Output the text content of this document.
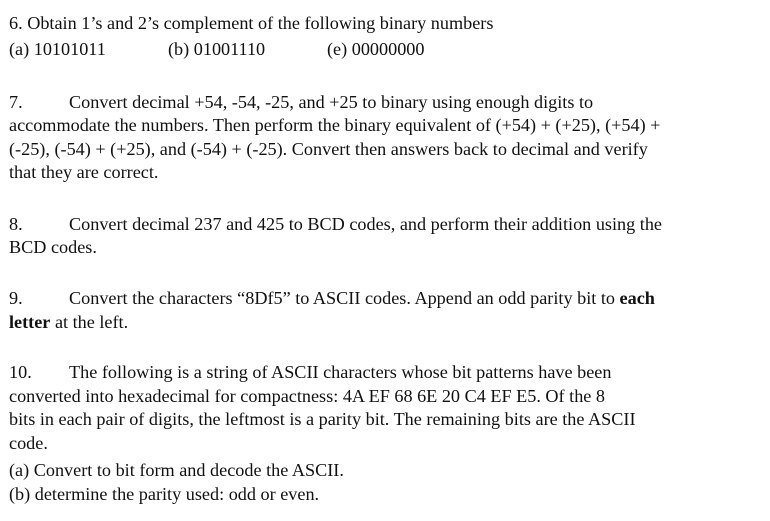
6. Obtain 1’s and 2’s complement of the following binary numbers
(a) 10101011	(b) 01001110	(e) 00000000
7.	Convert decimal +54, -54, -25, and +25 to binary using enough digits to
accommodate the numbers. Then perform the binary equivalent of (+54) + (+25), (+54) +
(-25), (-54) + (+25), and (-54) + (-25). Convert then answers back to decimal and verify
that they are correct.
8.	Convert decimal 237 and 425 to BCD codes, and perform their addition using the
BCD codes.
9.	Convert the characters “8Df5” to ASCII codes. Append an odd parity bit to each
letter at the left.
10. The following is a string of ASCII characters whose bit patterns have been
converted into hexadecimal for compactness: 4A EF 68 6E 20 C4 EF E5. Of the 8
bits in each pair of digits, the leftmost is a parity bit. The remaining bits are the ASCII
code.
(a) Convert to bit form and decode the ASCII.
(b) determine the parity used: odd or even.
